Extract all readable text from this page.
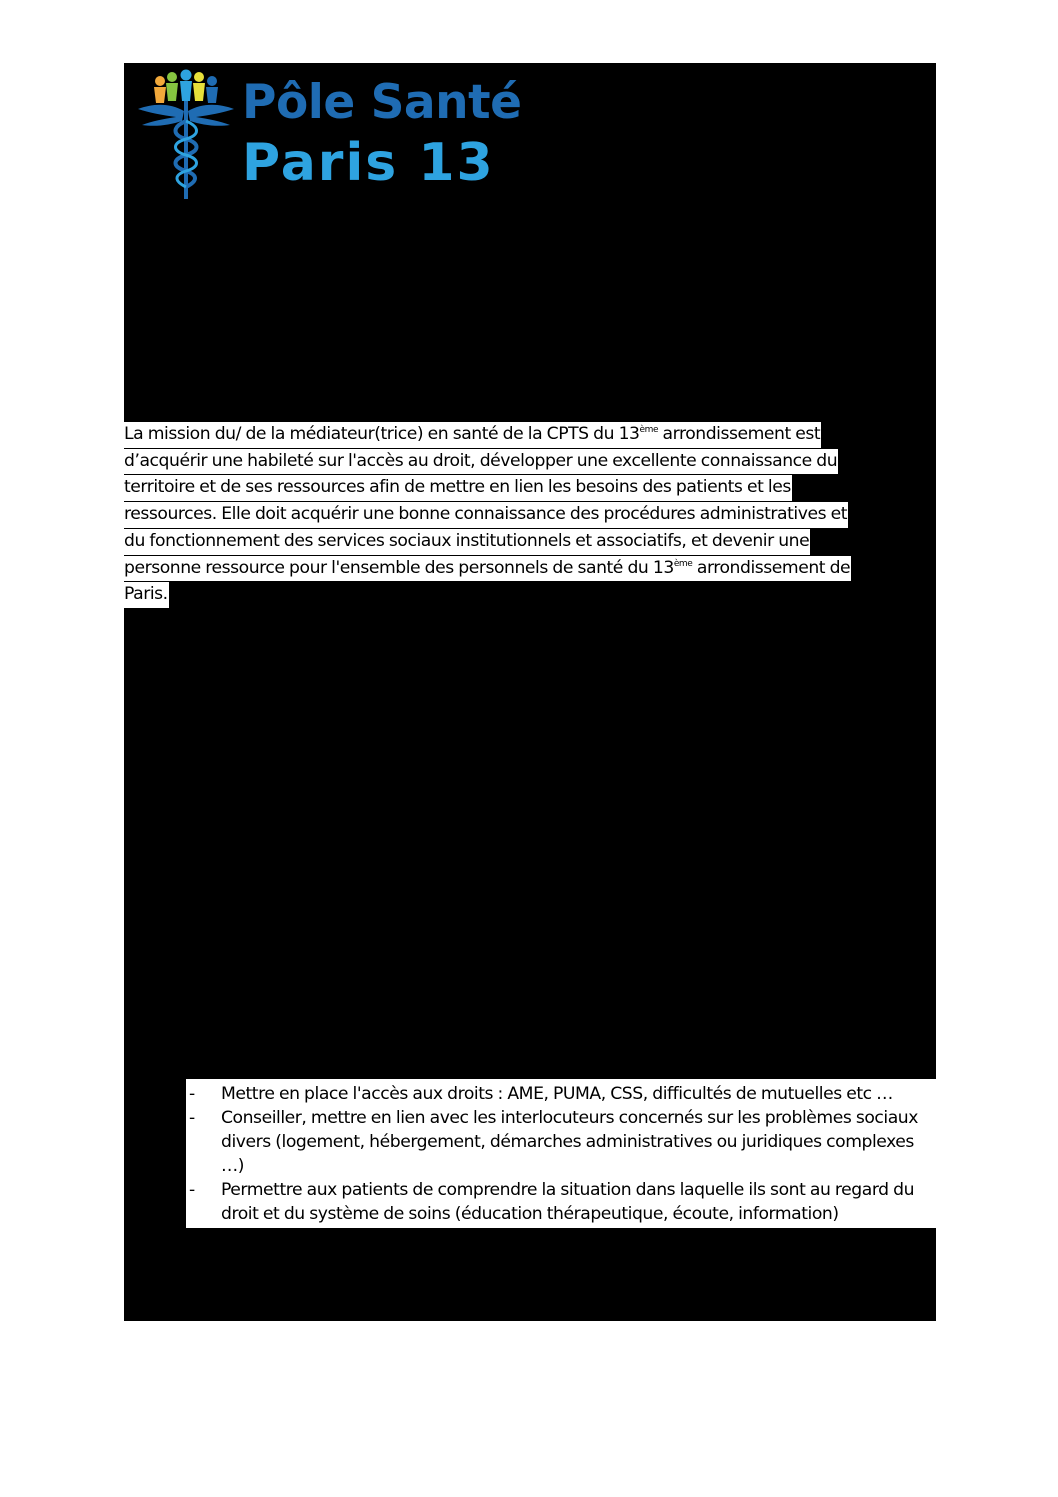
Pôle Santé
Paris 13
La mission du/ de la médiateur(trice) en santé de la CPTS du 13ème arrondissement est
d’acquérir une habileté sur l'accès au droit, développer une excellente connaissance du
territoire et de ses ressources afin de mettre en lien les besoins des patients et les
ressources. Elle doit acquérir une bonne connaissance des procédures administratives et
du fonctionnement des services sociaux institutionnels et associatifs, et devenir une
personne ressource pour l'ensemble des personnels de santé du 13ème arrondissement de
Paris.
-	Mettre en place l'accès aux droits : AME, PUMA, CSS, difficultés de mutuelles etc …
-	Conseiller, mettre en lien avec les interlocuteurs concernés sur les problèmes sociaux divers (logement, hébergement, démarches administratives ou juridiques complexes …)
-	Permettre aux patients de comprendre la situation dans laquelle ils sont au regard du droit et du système de soins (éducation thérapeutique, écoute, information)
